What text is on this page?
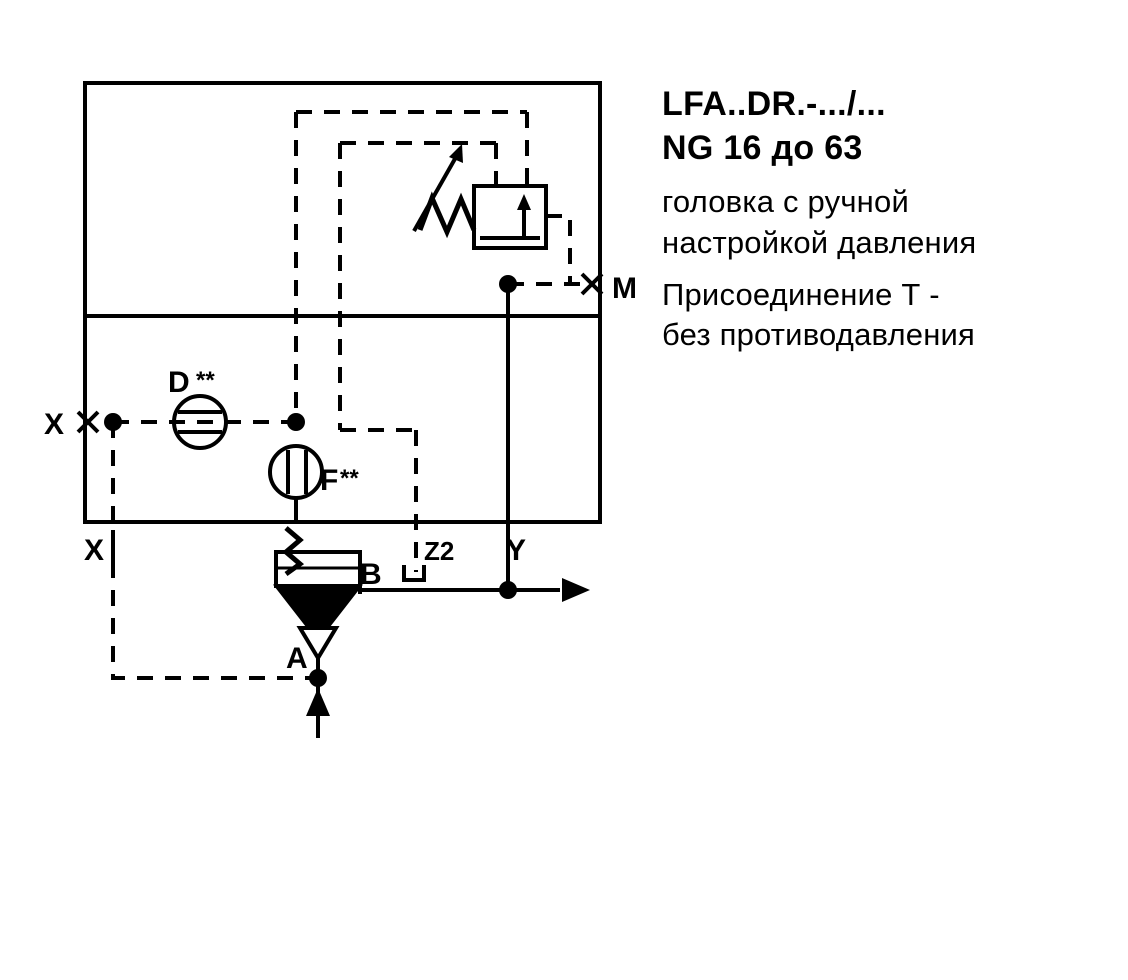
X
X
M
Y
Z2
A
B
D **
F **
LFA..DR.-.../...
NG 16 до 63
головка с ручной
настройкой давления
Присоединение Т -
без противодавления
